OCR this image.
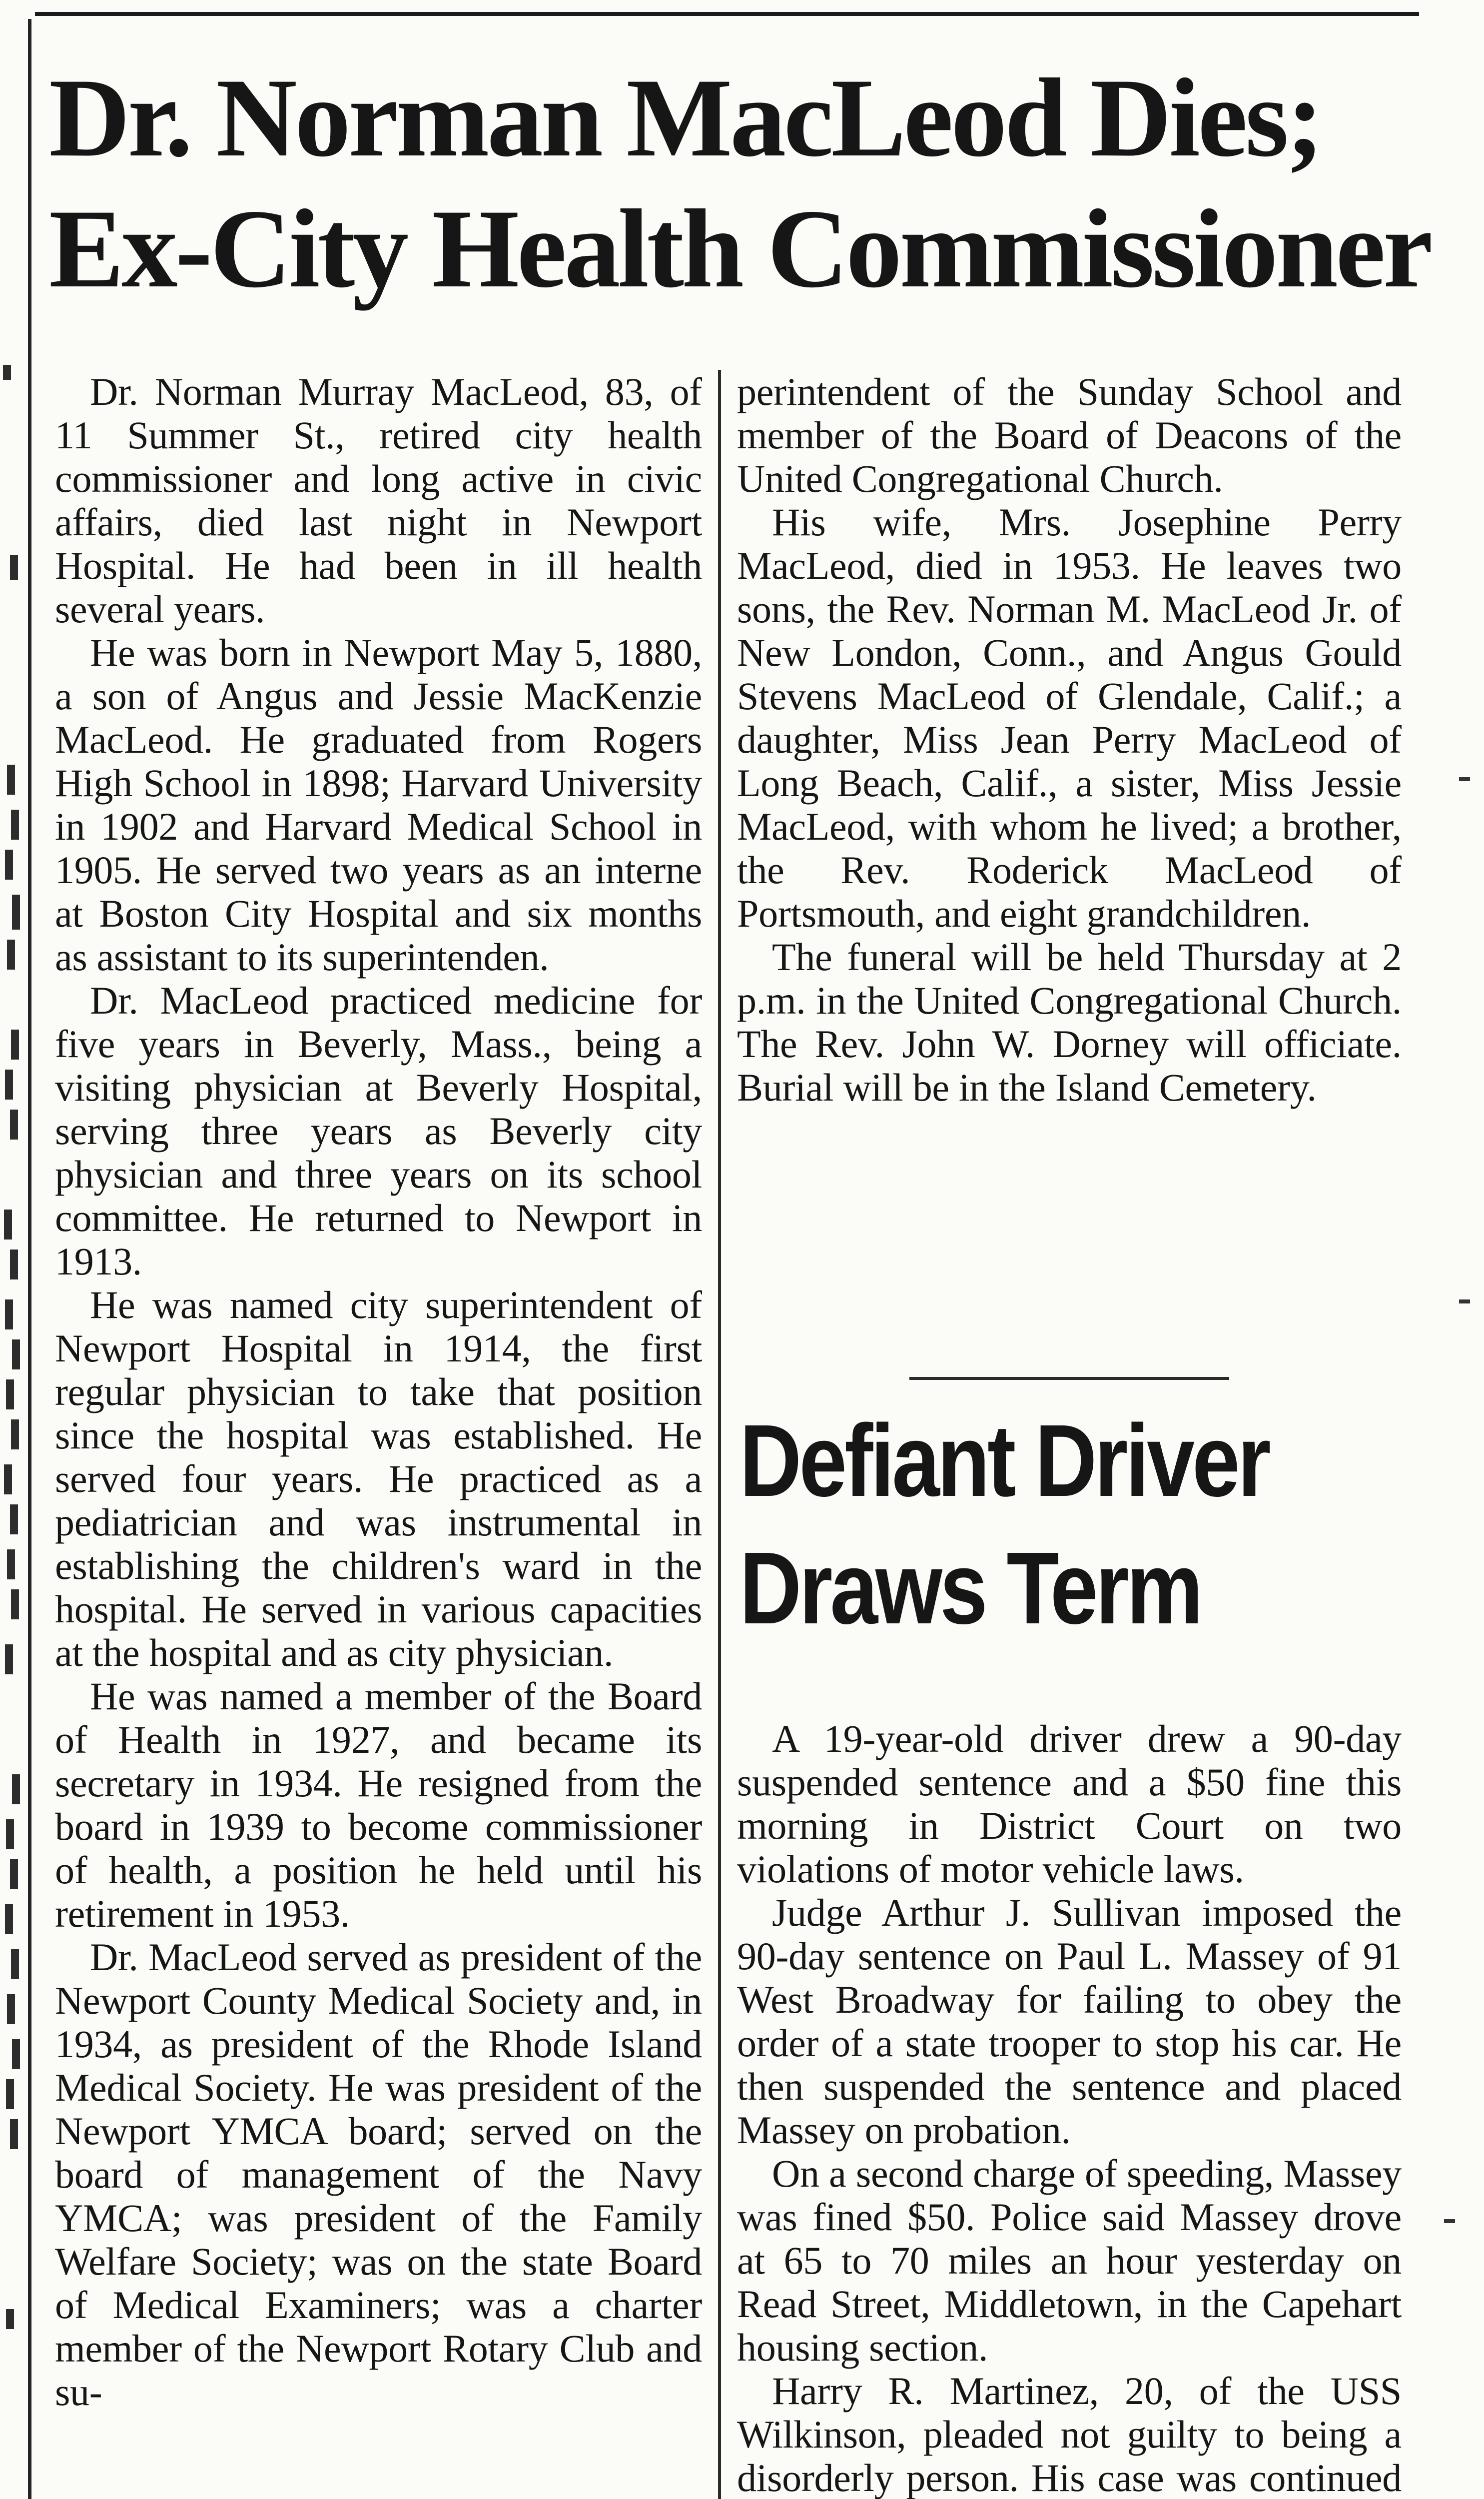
Dr. Norman MacLeod Dies;
Ex-City Health Commissioner

Dr. Norman Murray MacLeod, 83, of 11 Summer St., retired city health commissioner and long active in civic affairs, died last night in Newport Hospital. He had been in ill health several years.

He was born in Newport May 5, 1880, a son of Angus and Jessie MacKenzie MacLeod. He graduated from Rogers High School in 1898; Harvard University in 1902 and Harvard Medical School in 1905. He served two years as an interne at Boston City Hospital and six months as assistant to its superintenden.

Dr. MacLeod practiced medicine for five years in Beverly, Mass., being a visiting physician at Beverly Hospital, serving three years as Beverly city physician and three years on its school committee. He returned to Newport in 1913.

He was named city superintendent of Newport Hospital in 1914, the first regular physician to take that position since the hospital was established. He served four years. He practiced as a pediatrician and was instrumental in establishing the children's ward in the hospital. He served in various capacities at the hospital and as city physician.

He was named a member of the Board of Health in 1927, and became its secretary in 1934. He resigned from the board in 1939 to become commissioner of health, a position he held until his retirement in 1953.

Dr. MacLeod served as president of the Newport County Medical Society and, in 1934, as president of the Rhode Island Medical Society. He was president of the Newport YMCA board; served on the board of management of the Navy YMCA; was president of the Family Welfare Society; was on the state Board of Medical Examiners; was a charter member of the Newport Rotary Club and su-

perintendent of the Sunday School and member of the Board of Deacons of the United Congregational Church.

His wife, Mrs. Josephine Perry MacLeod, died in 1953. He leaves two sons, the Rev. Norman M. MacLeod Jr. of New London, Conn., and Angus Gould Stevens MacLeod of Glendale, Calif.; a daughter, Miss Jean Perry MacLeod of Long Beach, Calif., a sister, Miss Jessie MacLeod, with whom he lived; a brother, the Rev. Roderick MacLeod of Portsmouth, and eight grandchildren.

The funeral will be held Thursday at 2 p.m. in the United Congregational Church. The Rev. John W. Dorney will officiate. Burial will be in the Island Cemetery.

Defiant Driver
Draws Term

A 19-year-old driver drew a 90-day suspended sentence and a $50 fine this morning in District Court on two violations of motor vehicle laws.

Judge Arthur J. Sullivan imposed the 90-day sentence on Paul L. Massey of 91 West Broadway for failing to obey the order of a state trooper to stop his car. He then suspended the sentence and placed Massey on probation.

On a second charge of speeding, Massey was fined $50. Police said Massey drove at 65 to 70 miles an hour yesterday on Read Street, Middletown, in the Capehart housing section.

Harry R. Martinez, 20, of the USS Wilkinson, pleaded not guilty to being a disorderly person. His case was continued
